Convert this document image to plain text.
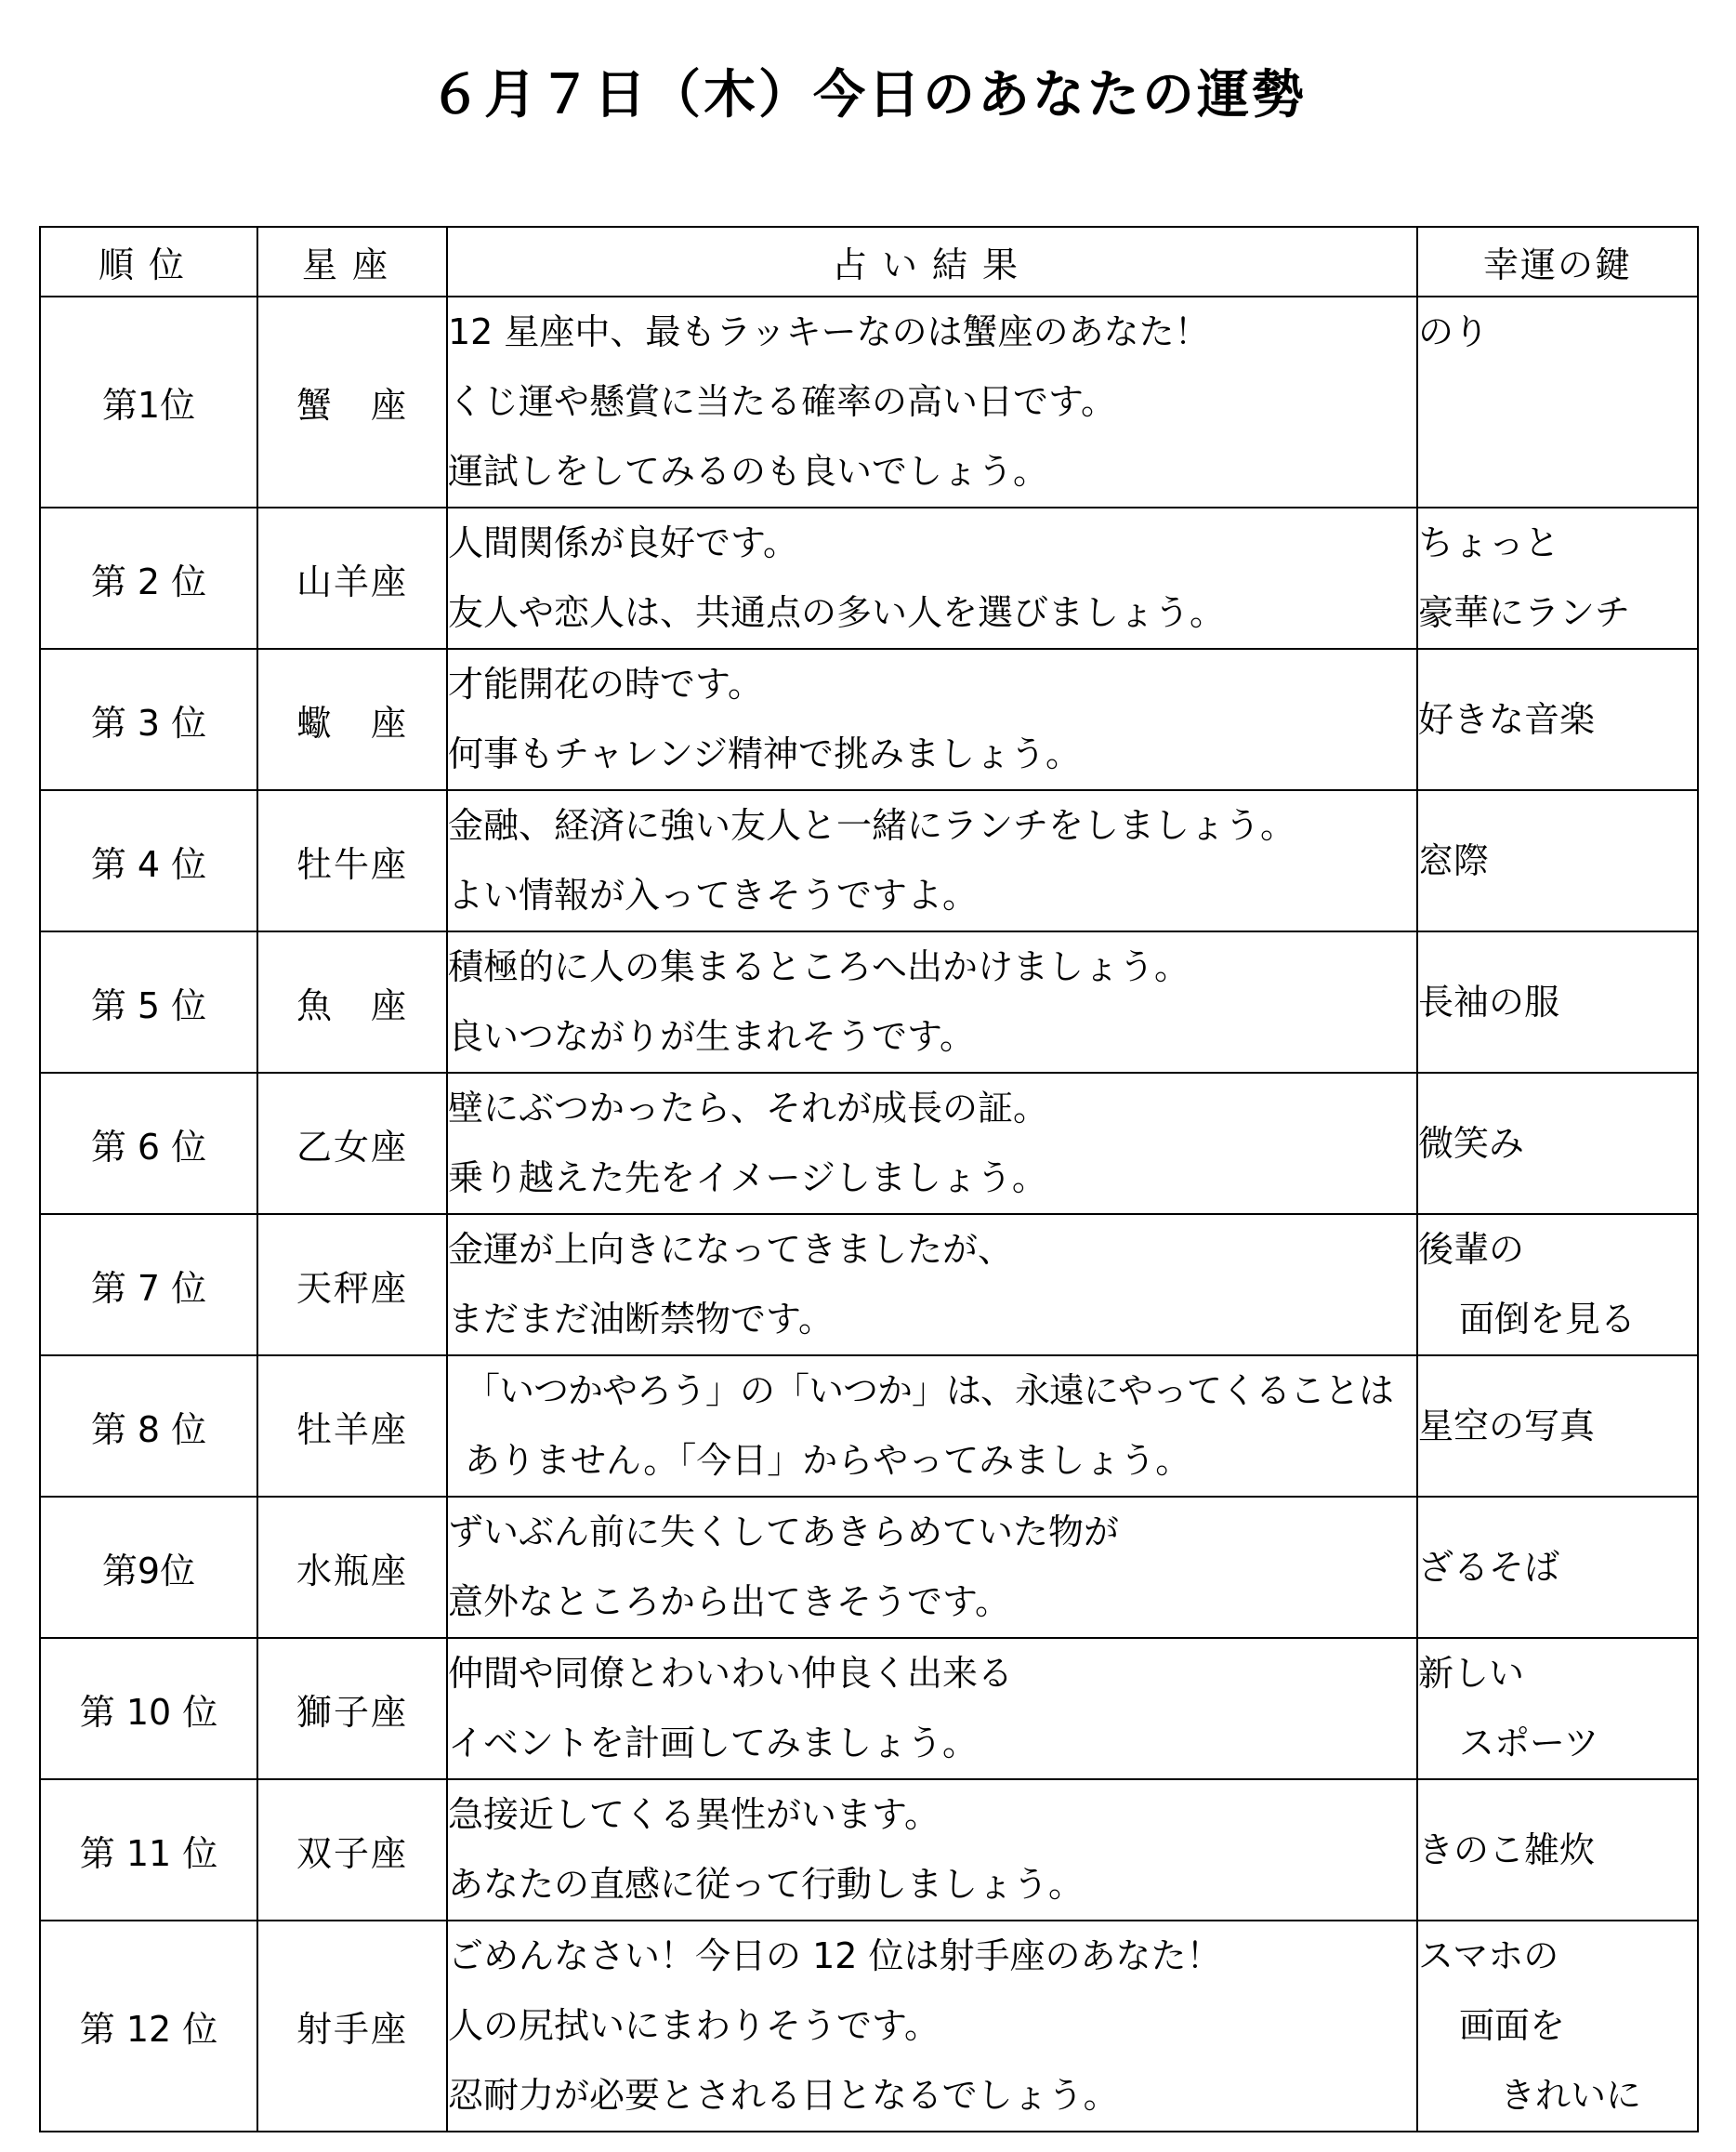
６月７日（木）今日のあなたの運勢
順位	星座	占い結果	幸運の鍵
第1位	蟹　座	12 星座中、最もラッキーなのは蟹座のあなた！
くじ運や懸賞に当たる確率の高い日です。
運試しをしてみるのも良いでしょう。	のり

第 2 位	山羊座	人間関係が良好です。
友人や恋人は、共通点の多い人を選びましょう。	ちょっと
豪華にランチ

第 3 位	蠍　座	才能開花の時です。
何事もチャレンジ精神で挑みましょう。	好きな音楽

第 4 位	牡牛座	金融、経済に強い友人と一緒にランチをしましょう。
よい情報が入ってきそうですよ。	窓際

第 5 位	魚　座	積極的に人の集まるところへ出かけましょう。
良いつながりが生まれそうです。	長袖の服

第 6 位	乙女座	壁にぶつかったら、それが成長の証。
乗り越えた先をイメージしましょう。	微笑み

第 7 位	天秤座	金運が上向きになってきましたが、
まだまだ油断禁物です。	後輩の
面倒を見る

第 8 位	牡羊座	「いつかやろう」の「いつか」は、永遠にやってくることは
ありません。「今日」からやってみましょう。	星空の写真

第9位	水瓶座	ずいぶん前に失くしてあきらめていた物が
意外なところから出てきそうです。	ざるそば

第 10 位	獅子座	仲間や同僚とわいわい仲良く出来る
イベントを計画してみましょう。	新しい
スポーツ

第 11 位	双子座	急接近してくる異性がいます。
あなたの直感に従って行動しましょう。	きのこ雑炊

第 12 位	射手座	ごめんなさい！今日の 12 位は射手座のあなた！
人の尻拭いにまわりそうです。
忍耐力が必要とされる日となるでしょう。	スマホの
画面を
きれいに
